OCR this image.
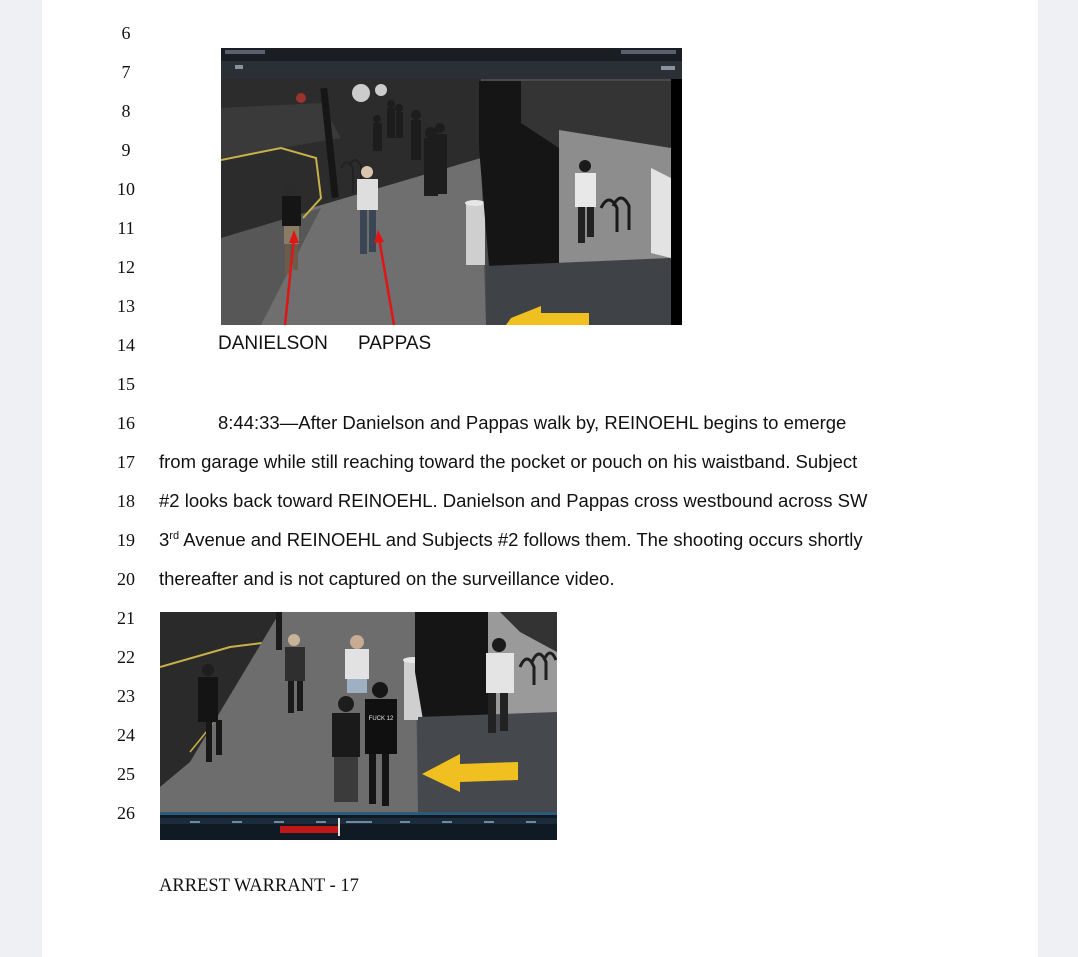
6
7
8
9
10
11
12
13
14
15
16
17
18
19
20
21
22
23
24
25
26
DANIELSON PAPPAS
8:44:33—After Danielson and Pappas walk by, REINOEHL begins to emerge
from garage while still reaching toward the pocket or pouch on his waistband. Subject
#2 looks back toward REINOEHL. Danielson and Pappas cross westbound across SW
3rd Avenue and REINOEHL and Subjects #2 follows them. The shooting occurs shortly
thereafter and is not captured on the surveillance video.
FUCK 12
ARREST WARRANT - 17
